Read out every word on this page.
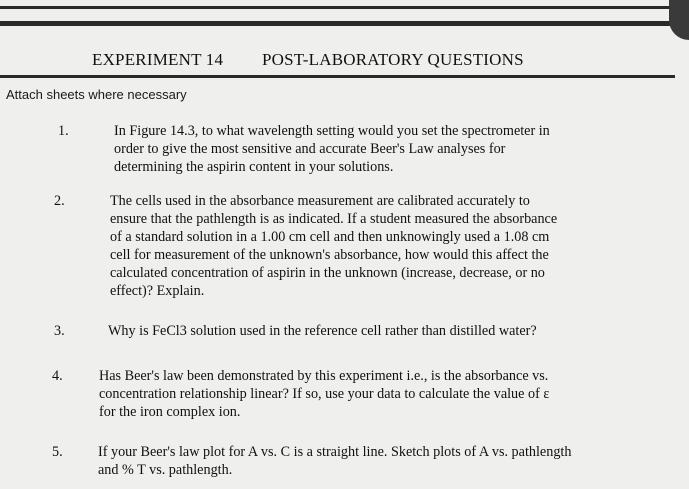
EXPERIMENT 14 POST-LABORATORY QUESTIONS
Attach sheets where necessary
1.	In Figure 14.3, to what wavelength setting would you set the spectrometer in
order to give the most sensitive and accurate Beer's Law analyses for
determining the aspirin content in your solutions.
2.	The cells used in the absorbance measurement are calibrated accurately to
ensure that the pathlength is as indicated. If a student measured the absorbance
of a standard solution in a 1.00 cm cell and then unknowingly used a 1.08 cm
cell for measurement of the unknown's absorbance, how would this affect the
calculated concentration of aspirin in the unknown (increase, decrease, or no
effect)? Explain.
3.	Why is FeCl3 solution used in the reference cell rather than distilled water?
4.	Has Beer's law been demonstrated by this experiment i.e., is the absorbance vs.
concentration relationship linear? If so, use your data to calculate the value of ε
for the iron complex ion.
5. If your Beer's law plot for A vs. C is a straight line. Sketch plots of A vs. pathlength
and % T vs. pathlength.
